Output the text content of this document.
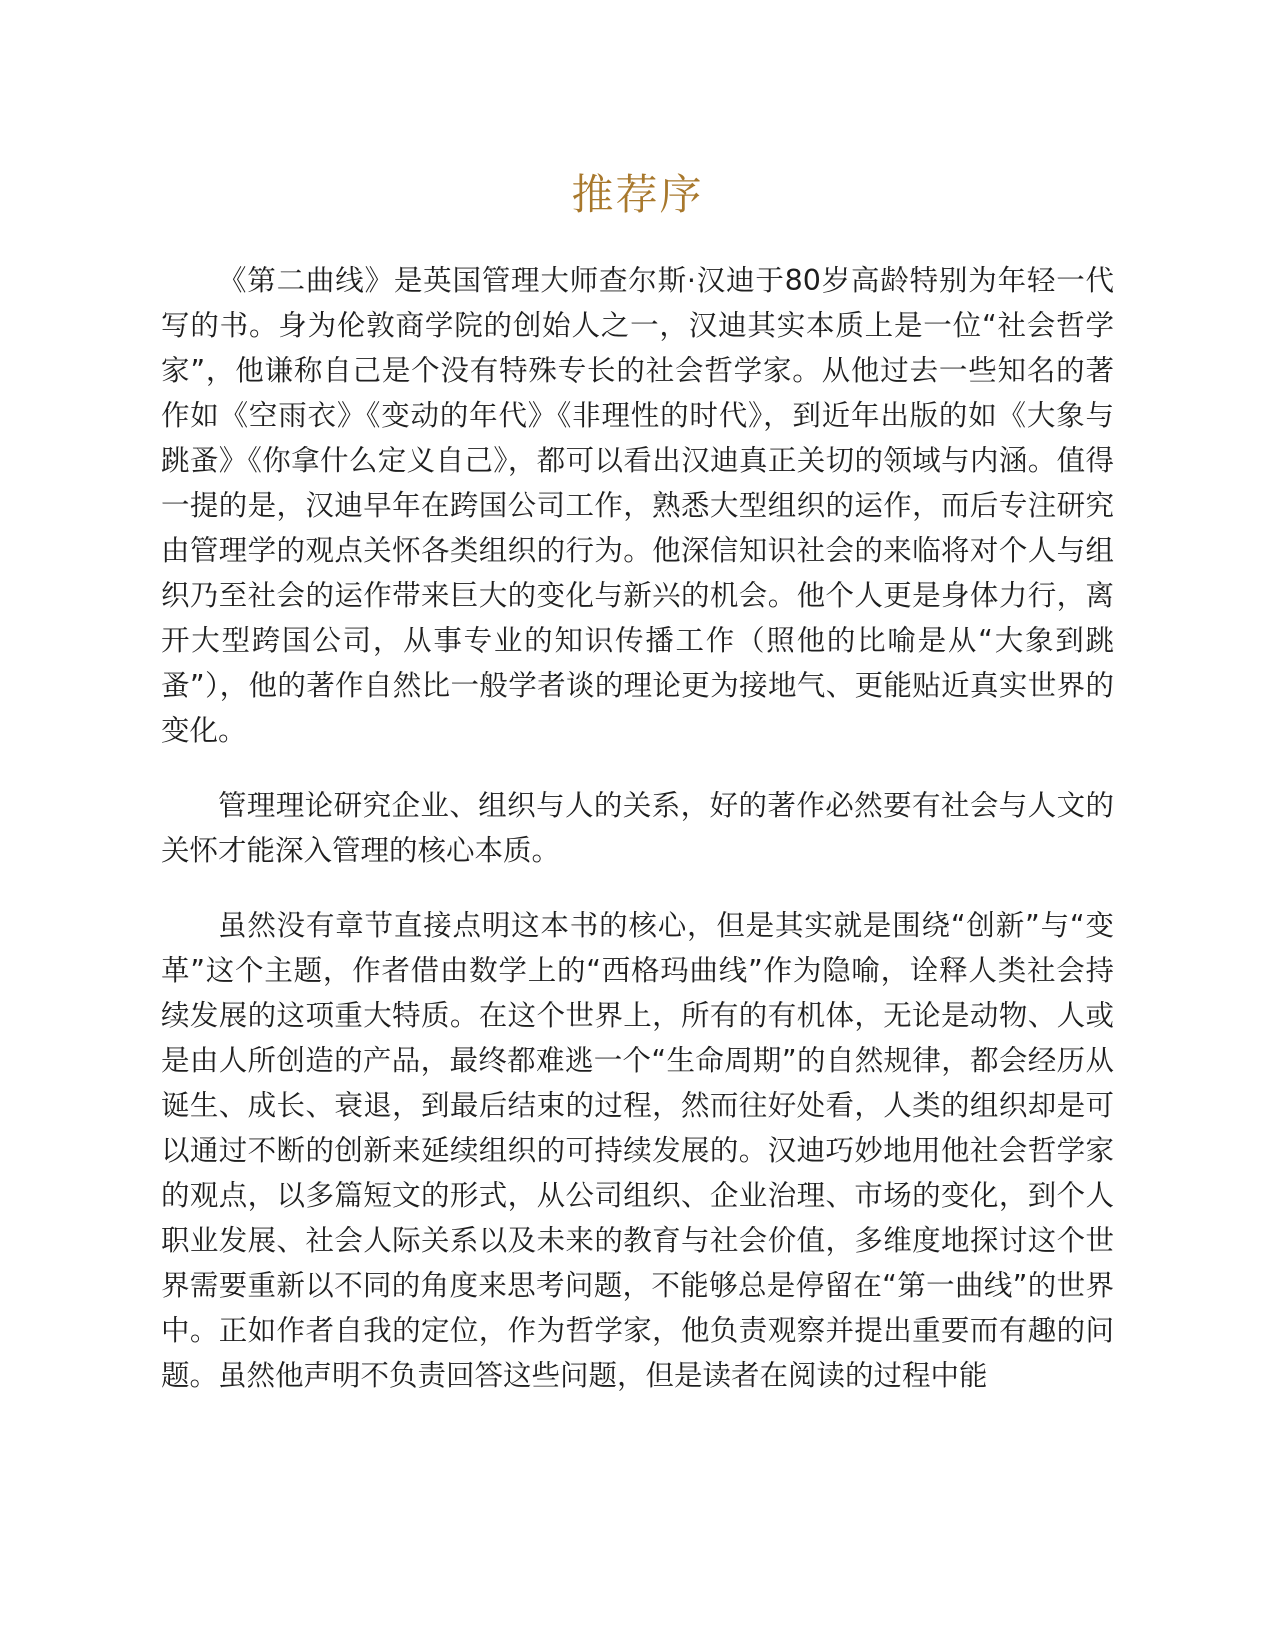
推荐序

《第二曲线》是英国管理大师查尔斯·汉迪于80岁高龄特别为年轻一代写的书。身为伦敦商学院的创始人之一，汉迪其实本质上是一位“社会哲学家”，他谦称自己是个没有特殊专长的社会哲学家。从他过去一些知名的著作如《空雨衣》《变动的年代》《非理性的时代》，到近年出版的如《大象与跳蚤》《你拿什么定义自己》，都可以看出汉迪真正关切的领域与内涵。值得一提的是，汉迪早年在跨国公司工作，熟悉大型组织的运作，而后专注研究由管理学的观点关怀各类组织的行为。他深信知识社会的来临将对个人与组织乃至社会的运作带来巨大的变化与新兴的机会。他个人更是身体力行，离开大型跨国公司，从事专业的知识传播工作（照他的比喻是从“大象到跳蚤”），他的著作自然比一般学者谈的理论更为接地气、更能贴近真实世界的变化。

管理理论研究企业、组织与人的关系，好的著作必然要有社会与人文的关怀才能深入管理的核心本质。

虽然没有章节直接点明这本书的核心，但是其实就是围绕“创新”与“变革”这个主题，作者借由数学上的“西格玛曲线”作为隐喻，诠释人类社会持续发展的这项重大特质。在这个世界上，所有的有机体，无论是动物、人或是由人所创造的产品，最终都难逃一个“生命周期”的自然规律，都会经历从诞生、成长、衰退，到最后结束的过程，然而往好处看，人类的组织却是可以通过不断的创新来延续组织的可持续发展的。汉迪巧妙地用他社会哲学家的观点，以多篇短文的形式，从公司组织、企业治理、市场的变化，到个人职业发展、社会人际关系以及未来的教育与社会价值，多维度地探讨这个世界需要重新以不同的角度来思考问题，不能够总是停留在“第一曲线”的世界中。正如作者自我的定位，作为哲学家，他负责观察并提出重要而有趣的问题。虽然他声明不负责回答这些问题，但是读者在阅读的过程中能
